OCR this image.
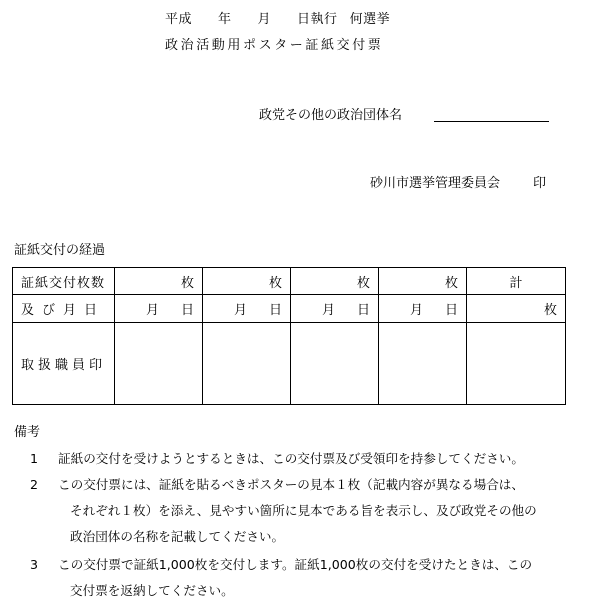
平成 年 月 日執行 何選挙
政治活動用ポスター証紙交付票
政党その他の政治団体名
砂川市選挙管理委員会	印
証紙交付の経過
証紙交付枚数	枚	枚	枚	枚	計
及び月日	月 日	月 日	月 日	月 日	枚
取扱職員印					
備考
1 証紙の交付を受けようとするときは、この交付票及び受領印を持参してください。
2 この交付票には、証紙を貼るべきポスターの見本１枚（記載内容が異なる場合は、
それぞれ１枚）を添え、見やすい箇所に見本である旨を表示し、及び政党その他の
政治団体の名称を記載してください。
3 この交付票で証紙1,000枚を交付します。証紙1,000枚の交付を受けたときは、この
交付票を返納してください。
